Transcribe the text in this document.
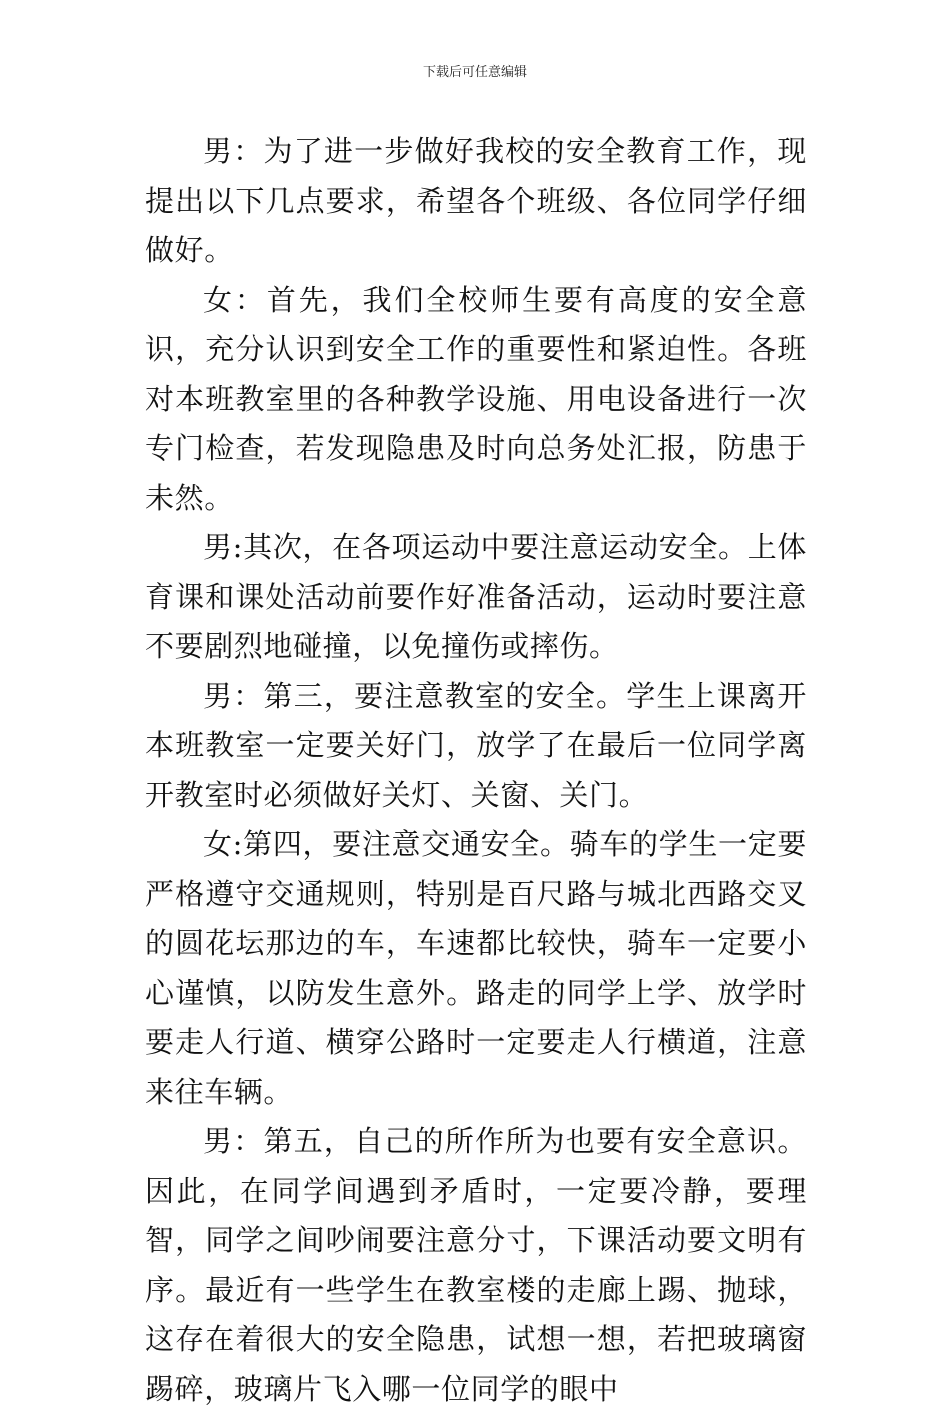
下载后可任意编辑

男：为了进一步做好我校的安全教育工作，现提出以下几点要求，希望各个班级、各位同学仔细做好。

女：首先，我们全校师生要有高度的安全意识，充分认识到安全工作的重要性和紧迫性。各班对本班教室里的各种教学设施、用电设备进行一次专门检查，若发现隐患及时向总务处汇报，防患于未然。

男:其次，在各项运动中要注意运动安全。上体育课和课处活动前要作好准备活动，运动时要注意不要剧烈地碰撞，以免撞伤或摔伤。

男：第三，要注意教室的安全。学生上课离开本班教室一定要关好门，放学了在最后一位同学离开教室时必须做好关灯、关窗、关门。

女:第四，要注意交通安全。骑车的学生一定要严格遵守交通规则，特别是百尺路与城北西路交叉的圆花坛那边的车，车速都比较快，骑车一定要小心谨慎，以防发生意外。路走的同学上学、放学时要走人行道、横穿公路时一定要走人行横道，注意来往车辆。

男：第五，自己的所作所为也要有安全意识。因此，在同学间遇到矛盾时，一定要冷静，要理智，同学之间吵闹要注意分寸，下课活动要文明有序。最近有一些学生在教室楼的走廊上踢、抛球，这存在着很大的安全隐患，试想一想，若把玻璃窗踢碎，玻璃片飞入哪一位同学的眼中
